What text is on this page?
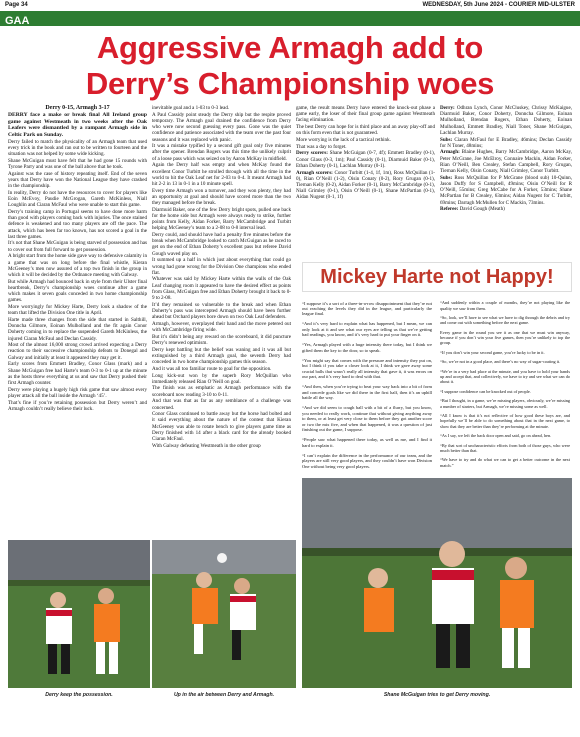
Page 34	WEDNESDAY, 5th June 2024 - COURIER MID-ULSTER
GAA
Aggressive Armagh add to
Derry’s Championship woes
Derry 0-15, Armagh 3-17

DERRY face a make or break final All Ireland group game against Westmeath in two weeks after the Oak Leafers were dismantled by a rampant Armagh side in Celtic Park on Sunday.

Derry failed to match the physicality of an Armagh team that used every trick in the book and ran out to be written to fourteen and the situation was not helped by some wide kicking.

Shane McGuigan must have felt that he had gone 15 rounds with Tyrone Parry and was one of the ball above that he took.

Against was the case of history repeating itself. End of the seven years that Derry have won the National League they have crashed in the championship.

In reality, Derry do not have the resources to cover for players like Eoin McEvoy, Paudie McGrogan, Gareth McKinless, Niall Loughlin and Ciaran McFaul who were unable to start this game.

Derry’s training camp in Portugal seems to have done more harm than good with players coming back with injuries. The once stained defence is weakened and too many players are off the pace. The attack, which has been far too known, has not scored a goal in the last three games.

It’s not that Shane McGuigan is being starved of possession and has to cover out from full forward to get possession.

A bright start from the home side gave way to defensive calamity in a game that was on long before the final whistle, Kieran McGeeney’s men now assured of a top two finish in the group in which it will be decided by the Ordnance meeting with Galway.

But while Armagh had bounced back in style from their Ulster final heartbreak, Derry’s championship woes continue after a game which makes it seven goals conceded in two home championship games.

More worryingly for Mickey Harte, Derry look a shadow of the team that lifted the Division One title in April.

Harte made three changes from the side that started in Salthill, Donncha Gilmore, Eoinan Mulholland and the fit again Conor Doherty coming in to replace the suspended Gareth McKinless, the injured Ciaran McFaul and Declan Cassidy.

Most of the almost 16,000 strong crowd arrived expecting a Derry reaction to their successive championship defeats to Donegal and Galway and initially at least it appeared they may get it.

Early scores from Emmett Bradley, Conor Glass (mark) and a Shane McGuigan free had Harte’s team 0-3 to 0-1 up at the minute as the hosts threw everything at us and saw that Derry pushed their first Armagh counter.

Derry were playing a hugely high risk game that saw almost every player attack all the ball inside the Armagh ‘45’.

That’s fine if you’re retaining possession but Derry weren’t and Armagh couldn’t really believe their luck.

inevitable goal and a 1-03 to 0-3 lead.

A Paul Cassidy point steady the Derry ship but the respite proved temporary. The Armagh goal drained the confidence from Derry who were now second guessing every pass. Gone was the quiet confidence and patience associated with the team over the past four seasons and it was replaced with panic.

It was a mistake typified by a second gift goal only five minutes after the opener. Brendan Rogers was this time the unlikely culprit of a loose pass which was seized on by Aaron McKay in midfield.

Again the Derry half was empty and when McKay found the excellent Conor Turbitt he strolled through with all the time in the world to hit the Oak Leaf net for 2-03 to 0-4. It meant Armagh had hit 2-2 in 13 in 0-1 in a 10 minute spell.

Every time Armagh won a turnover, and they won plenty, they had an opportunity at goal and should have scored more than the two they managed before the break.

Diarmuid Baker, one of the few Derry bright spots, pulled one back for the home side but Armagh were always ready to strike, further points from Kelly, Aidan Forker, Barry McCambridge and Turbitt helping McGeeney’s team to a 2-08 to 0-8 interval lead.

Derry could, and should have had a penalty five minutes before the break when McCambridge looked to catch McGuigan as he raced to get on the end of Ethan Doherty’s excellent pass but referee David Gough waved play on.

It summed up a half in which just about everything that could go wrong had gone wrong for the Division One champions who ended flat.

Whatever was said by Mickey Harte within the walls of the Oak Leaf changing room it appeared to have the desired effect as points from Glass, McGuigan free and Ethan Doherty brought it back to 0-9 to 2-08.

It’d they remained so vulnerable to the break and when Ethan Doherty’s pass was intercepted Armagh should have been further ahead but Orchard players bore down on two Oak Leaf defenders.

Armagh, however, overplayed their hand and the move petered out with McCambridge firing wide.

But it’s didn’t being any reward on the scoreboard, it did puncture Derry’s renewed optimism.

Derry kept battling but the belief was waning and it was all but extinguished by a third Armagh goal, the seventh Derry had conceded in two home championship games this season.

And it was all too familiar route to goal for the opposition.

Long kick-out won by the superb Rory McQuillan who immediately released Rian O’Neill on goal.

The finish was as emphatic as Armagh performance with the scoreboard now reading 3-10 to 0-11.

And that was that as far as any semblance of a challenge was concerned.

Conor Glass continued to battle away but the horse had bolted and it said everything about the nature of the contest that Kieran McGeeney was able to rotate bench to give players game time as Derry finished with 14 after a black card for the already booked Ciaran McFaul.

With Galway defeating Westmeath in the other group

game, the result means Derry have entered the knock-out phase a game early, the loser of their final group game against Westmeath facing elimination.

The best Derry can hope for is third place and an away play-off and on this form even that is not guaranteed.

More worrying is the lack of a tactical rethink.

That was a day to forget.

Derry scorers: Shane McGuigan (0-7, 4f); Emmett Bradley (0-1), Conor Glass (0-3, 1m); Paul Cassidy (0-1), Diarmuid Baker (0-1), Ethan Doherty (0-1), Lachlan Murray (0-1).

Armagh scorers: Conor Turbitt (1-4, 1f, 1m), Ross McQuillan (1-0), Rian O’Neill (1-2), Oisin Conaty (0-2), Rory Grugan (0-1), Tiernan Kelly (0-2), Aidan Forker (0-1), Barry McCambridge (0-1), Niall Grimley (0-1), Oisin O’Neill (0-1), Shane McPartlan (0-1), Aidan Nugent (0-1, 1f)

Derry: Odhran Lynch, Conor McCluskey, Chrissy McKaigue, Diarmuid Baker, Conor Doherty, Donncha Gilmore, Eoinan Mulholland, Brendan Rogers, Ethan Doherty, Eoinan Mulholland, Emmett Bradley, Niall Toner, Shane McGuigan, Lachlan Murray.

Subs: Ciaran McFaul for E Bradley, 46mins; Declan Cassidy for N Toner, 48mins;

Armagh: Blaine Hughes, Barry McCambridge, Aaron McKay, Peter McGrane, Joe McElroy, Connaire Mackin, Aidan Forker, Rian O’Neill, Ben Crealey, Stefan Campbell, Rory Grugan, Tiernan Kelly, Oisin Conaty, Niall Grimley, Conor Turbitt.

Subs: Ross McQuillan for P McGrane (blood sub) 10-Quinn, Jason Duffy for S Campbell, 49mins; Oisin O’Neill for R O’Neill, 55mins; Greg McCabe for A Forker, 53mins; Shane McPartlan for B Crealey, 63mins; Aidan Nugent for C Turbitt, 69mins; Darragh McMullen for C Mackin, 73mins.

Referee: David Gough (Meath)

Mickey Harte not Happy!

“I suppose it’s a sort of a three-in-a-row disappointment that they’re not out reaching the levels they did in the league, and particularly the league final.

“And it’s very hard to explain what has happened, but I mean, we can only look at it and see what our eyes are telling us that we’re getting bad readings, you know, and it’s very hard to put your finger on it.

“Yes, Armagh played with a huge intensity there today, but I think we gifted them the key to the door, so to speak.

“You might say that comes with the pressure and intensity they put on, but I think if you take a closer look at it, I think we gave away some crucial balls that wasn’t really all intensity that gave it, it was errors on our part, and it’s very hard to deal with that.

“And then, when you’re trying to beat your way back into a bit of form and concede goals like we did there in the first half, then it’s an uphill battle all the way.

“And we did seem to cough ball with a bit of a flurry, but you know, you needed to really work, continue that without giving anything away to them, or at least get very close to them before they got another score or two the mix five, and when that happened, it was a question of just finishing out the game, I suppose.

“People saw what happened there today, as well as me, and I find it hard to explain it.

“I can’t explain the difference in the performance of our team, and the players are still very good players, and they couldn’t have won Division One without being very good players.

“And suddenly within a couple of months, they’re not playing like the quality we saw from them.

“So, look, we’ll have to see what we have to dig through the debris and try and come out with something before the next game.

Every game in the round you see it as one that we must win anyway, because if you don’t win your five games, then you’re unlikely to top the group.

“If you don’t win your second game, you’re lucky to be in it.

“So, we’re not in a good place, and there’s no way of sugar-coating it.

“We’re in a very bad place at the minute, and you have to hold your hands up and accept that, and collectively, we have to try and see what we can do about it.

“I suppose confidence can be knocked out of people.

“But I thought, in a game, we’re missing players, obviously, we’re missing a number of starters, but Armagh, we’re missing some as well.

“All I know is that it’s not reflective of how good these boys are, and hopefully we’ll be able to do something about that in the next game, to show that they are better than they’re performing at the minute.

“As I say, we left the back door open and said, go on ahead, hen.

“By that sort of uncharacteristic efforts from both of those guys, who were much better than that.

“We have to try and do what we can to get a better outcome in the next match.”

Derry keep the possession.	Up in the air between Derry and Armagh.	Shane McGuigan tries to get Derry moving.
